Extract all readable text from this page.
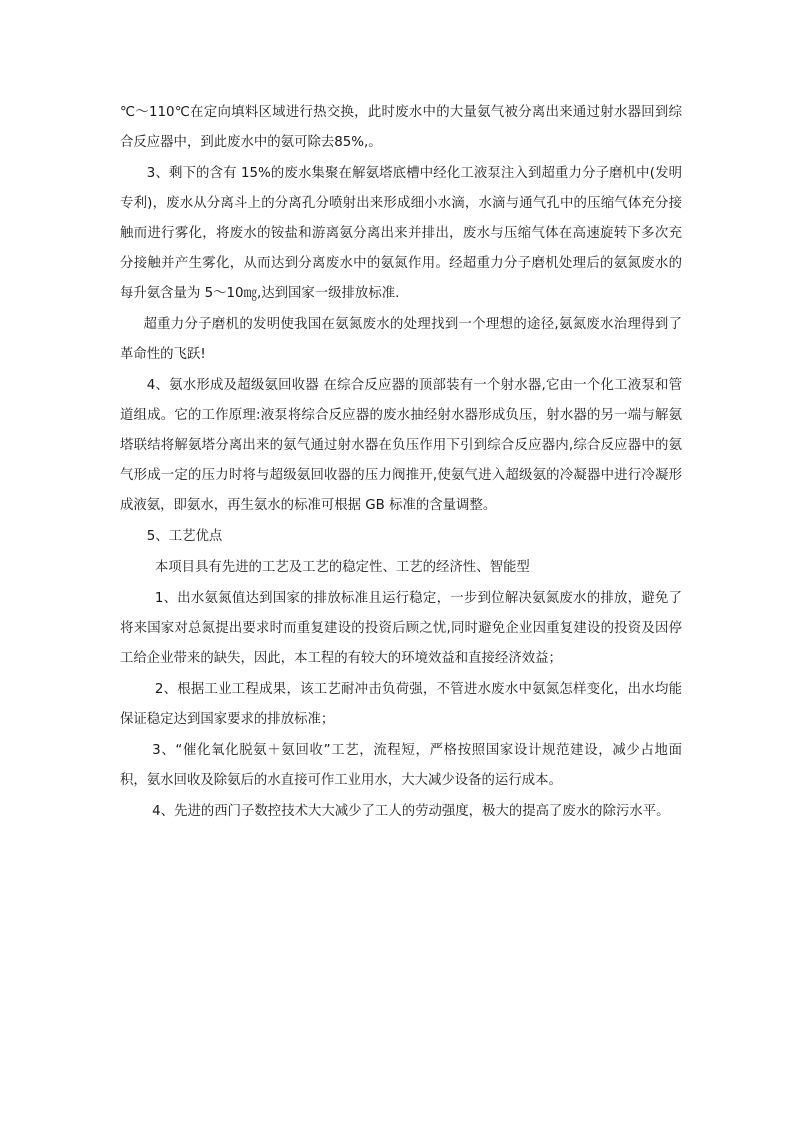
℃～110℃在定向填料区域进行热交换，此时废水中的大量氨气被分离出来通过射水器回到综合反应器中，到此废水中的氨可除去85%,。

3、剩下的含有 15%的废水集聚在解氨塔底槽中经化工液泵注入到超重力分子磨机中(发明专利)，废水从分离斗上的分离孔分喷射出来形成细小水滴，水滴与通气孔中的压缩气体充分接触而进行雾化，将废水的铵盐和游离氨分离出来并排出，废水与压缩气体在高速旋转下多次充分接触并产生雾化，从而达到分离废水中的氨氮作用。经超重力分子磨机处理后的氨氮废水的每升氨含量为 5～10㎎,达到国家一级排放标准.

超重力分子磨机的发明使我国在氨氮废水的处理找到一个理想的途径,氨氮废水治理得到了革命性的飞跃!

4、氨水形成及超级氨回收器 在综合反应器的顶部装有一个射水器,它由一个化工液泵和管道组成。它的工作原理:液泵将综合反应器的废水抽经射水器形成负压，射水器的另一端与解氨塔联结将解氨塔分离出来的氨气通过射水器在负压作用下引到综合反应器内,综合反应器中的氨气形成一定的压力时将与超级氨回收器的压力阀推开,使氨气进入超级氨的冷凝器中进行冷凝形成液氨，即氨水，再生氨水的标准可根据 GB 标准的含量调整。

5、工艺优点

本项目具有先进的工艺及工艺的稳定性、工艺的经济性、智能型

1、出水氨氮值达到国家的排放标准且运行稳定，一步到位解决氨氮废水的排放，避免了将来国家对总氮提出要求时而重复建设的投资后顾之忧,同时避免企业因重复建设的投资及因停工给企业带来的缺失，因此，本工程的有较大的环境效益和直接经济效益；

2、根据工业工程成果，该工艺耐冲击负荷强，不管进水废水中氨氮怎样变化，出水均能保证稳定达到国家要求的排放标准；

3、“催化氧化脱氨＋氨回收”工艺，流程短，严格按照国家设计规范建设，减少占地面积，氨水回收及除氨后的水直接可作工业用水，大大减少设备的运行成本。

4、先进的西门子数控技术大大减少了工人的劳动强度，极大的提高了废水的除污水平。
